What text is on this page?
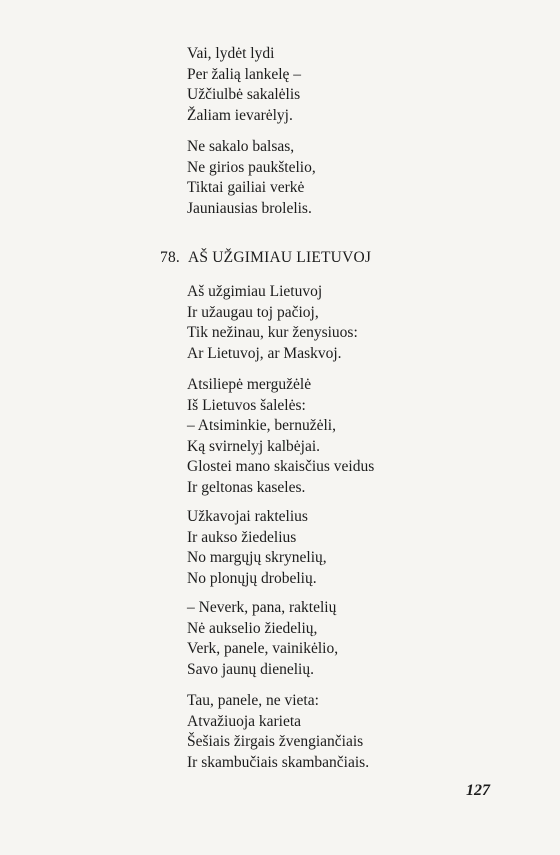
Vai, lydėt lydi
Per žalią lankelę –
Užčiulbė sakalėlis
Žaliam ievarėlyj.
Ne sakalo balsas,
Ne girios paukštelio,
Tiktai gailiai verkė
Jauniausias brolelis.
78. AŠ UŽGIMIAU LIETUVOJ
Aš užgimiau Lietuvoj
Ir užaugau toj pačioj,
Tik nežinau, kur ženysiuos:
Ar Lietuvoj, ar Maskvoj.
Atsiliepė mergužėlė
Iš Lietuvos šalelės:
– Atsiminkie, bernužėli,
Ką svirnelyj kalbėjai.
Glostei mano skaisčius veidus
Ir geltonas kaseles.
Užkavojai raktelius
Ir aukso žiedelius
No margųjų skrynelių,
No plonųjų drobelių.
– Neverk, pana, raktelių
Nė aukselio žiedelių,
Verk, panele, vainikėlio,
Savo jaunų dienelių.
Tau, panele, ne vieta:
Atvažiuoja karieta
Šešiais žirgais žvengiančiais
Ir skambučiais skambančiais.
127
